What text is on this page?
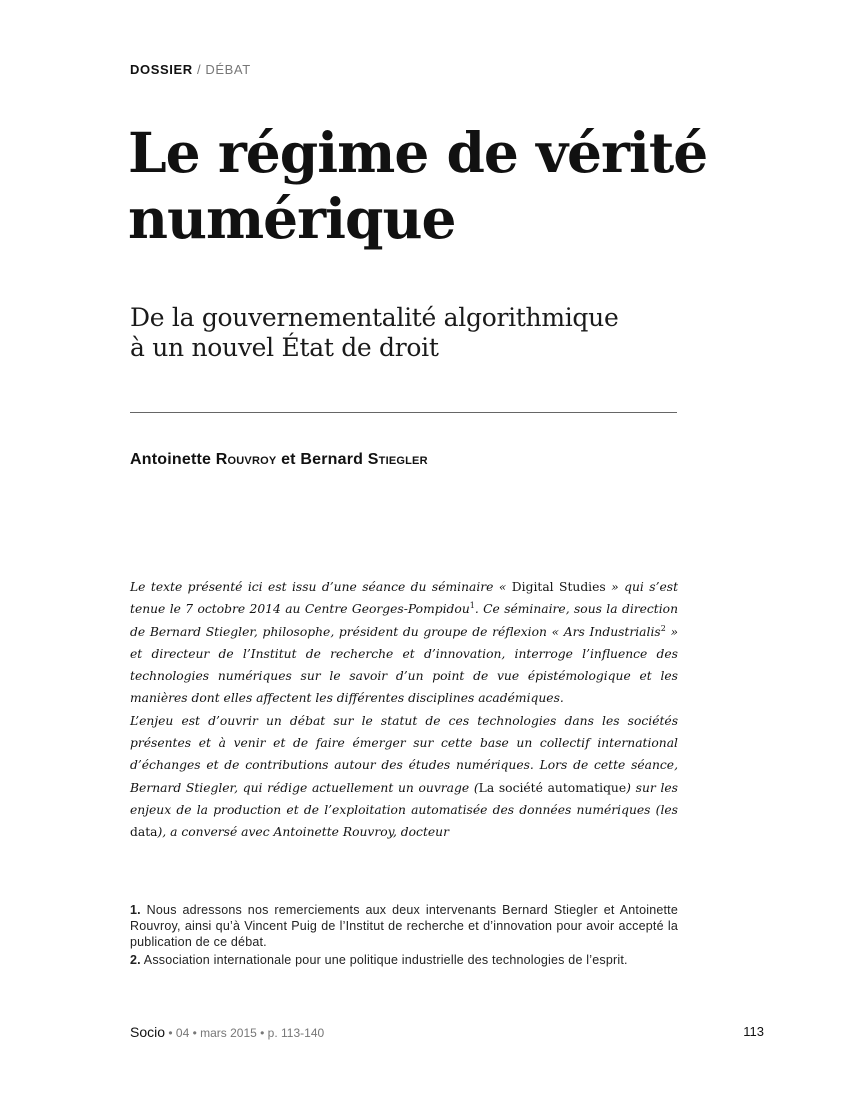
DOSSIER / DÉBAT
Le régime de vérité
numérique
De la gouvernementalité algorithmique
à un nouvel État de droit
Antoinette Rouvroy et Bernard Stiegler

Le texte présenté ici est issu d’une séance du séminaire « Digital Studies » qui s’est tenue le 7 octobre 2014 au Centre Georges-Pompidou$^1$. Ce séminaire, sous la direction de Bernard Stiegler, philosophe, président du groupe de réflexion « Ars Industrialis$^2$ » et directeur de l’Institut de recherche et d’innovation, interroge l’influence des technologies numériques sur le savoir d’un point de vue épistémologique et les manières dont elles affectent les différentes disciplines académiques.

L’enjeu est d’ouvrir un débat sur le statut de ces technologies dans les sociétés présentes et à venir et de faire émerger sur cette base un collectif international d’échanges et de contributions autour des études numériques. Lors de cette séance, Bernard Stiegler, qui rédige actuellement un ouvrage (La société automatique) sur les enjeux de la production et de l’exploitation automatisée des données numériques (les data), a conversé avec Antoinette Rouvroy, docteur

1. Nous adressons nos remerciements aux deux intervenants Bernard Stiegler et Antoinette Rouvroy, ainsi qu’à Vincent Puig de l’Institut de recherche et d’innovation pour avoir accepté la publication de ce débat.

2. Association internationale pour une politique industrielle des technologies de l’esprit.

Socio • 04 • mars 2015 • p. 113-140	113
